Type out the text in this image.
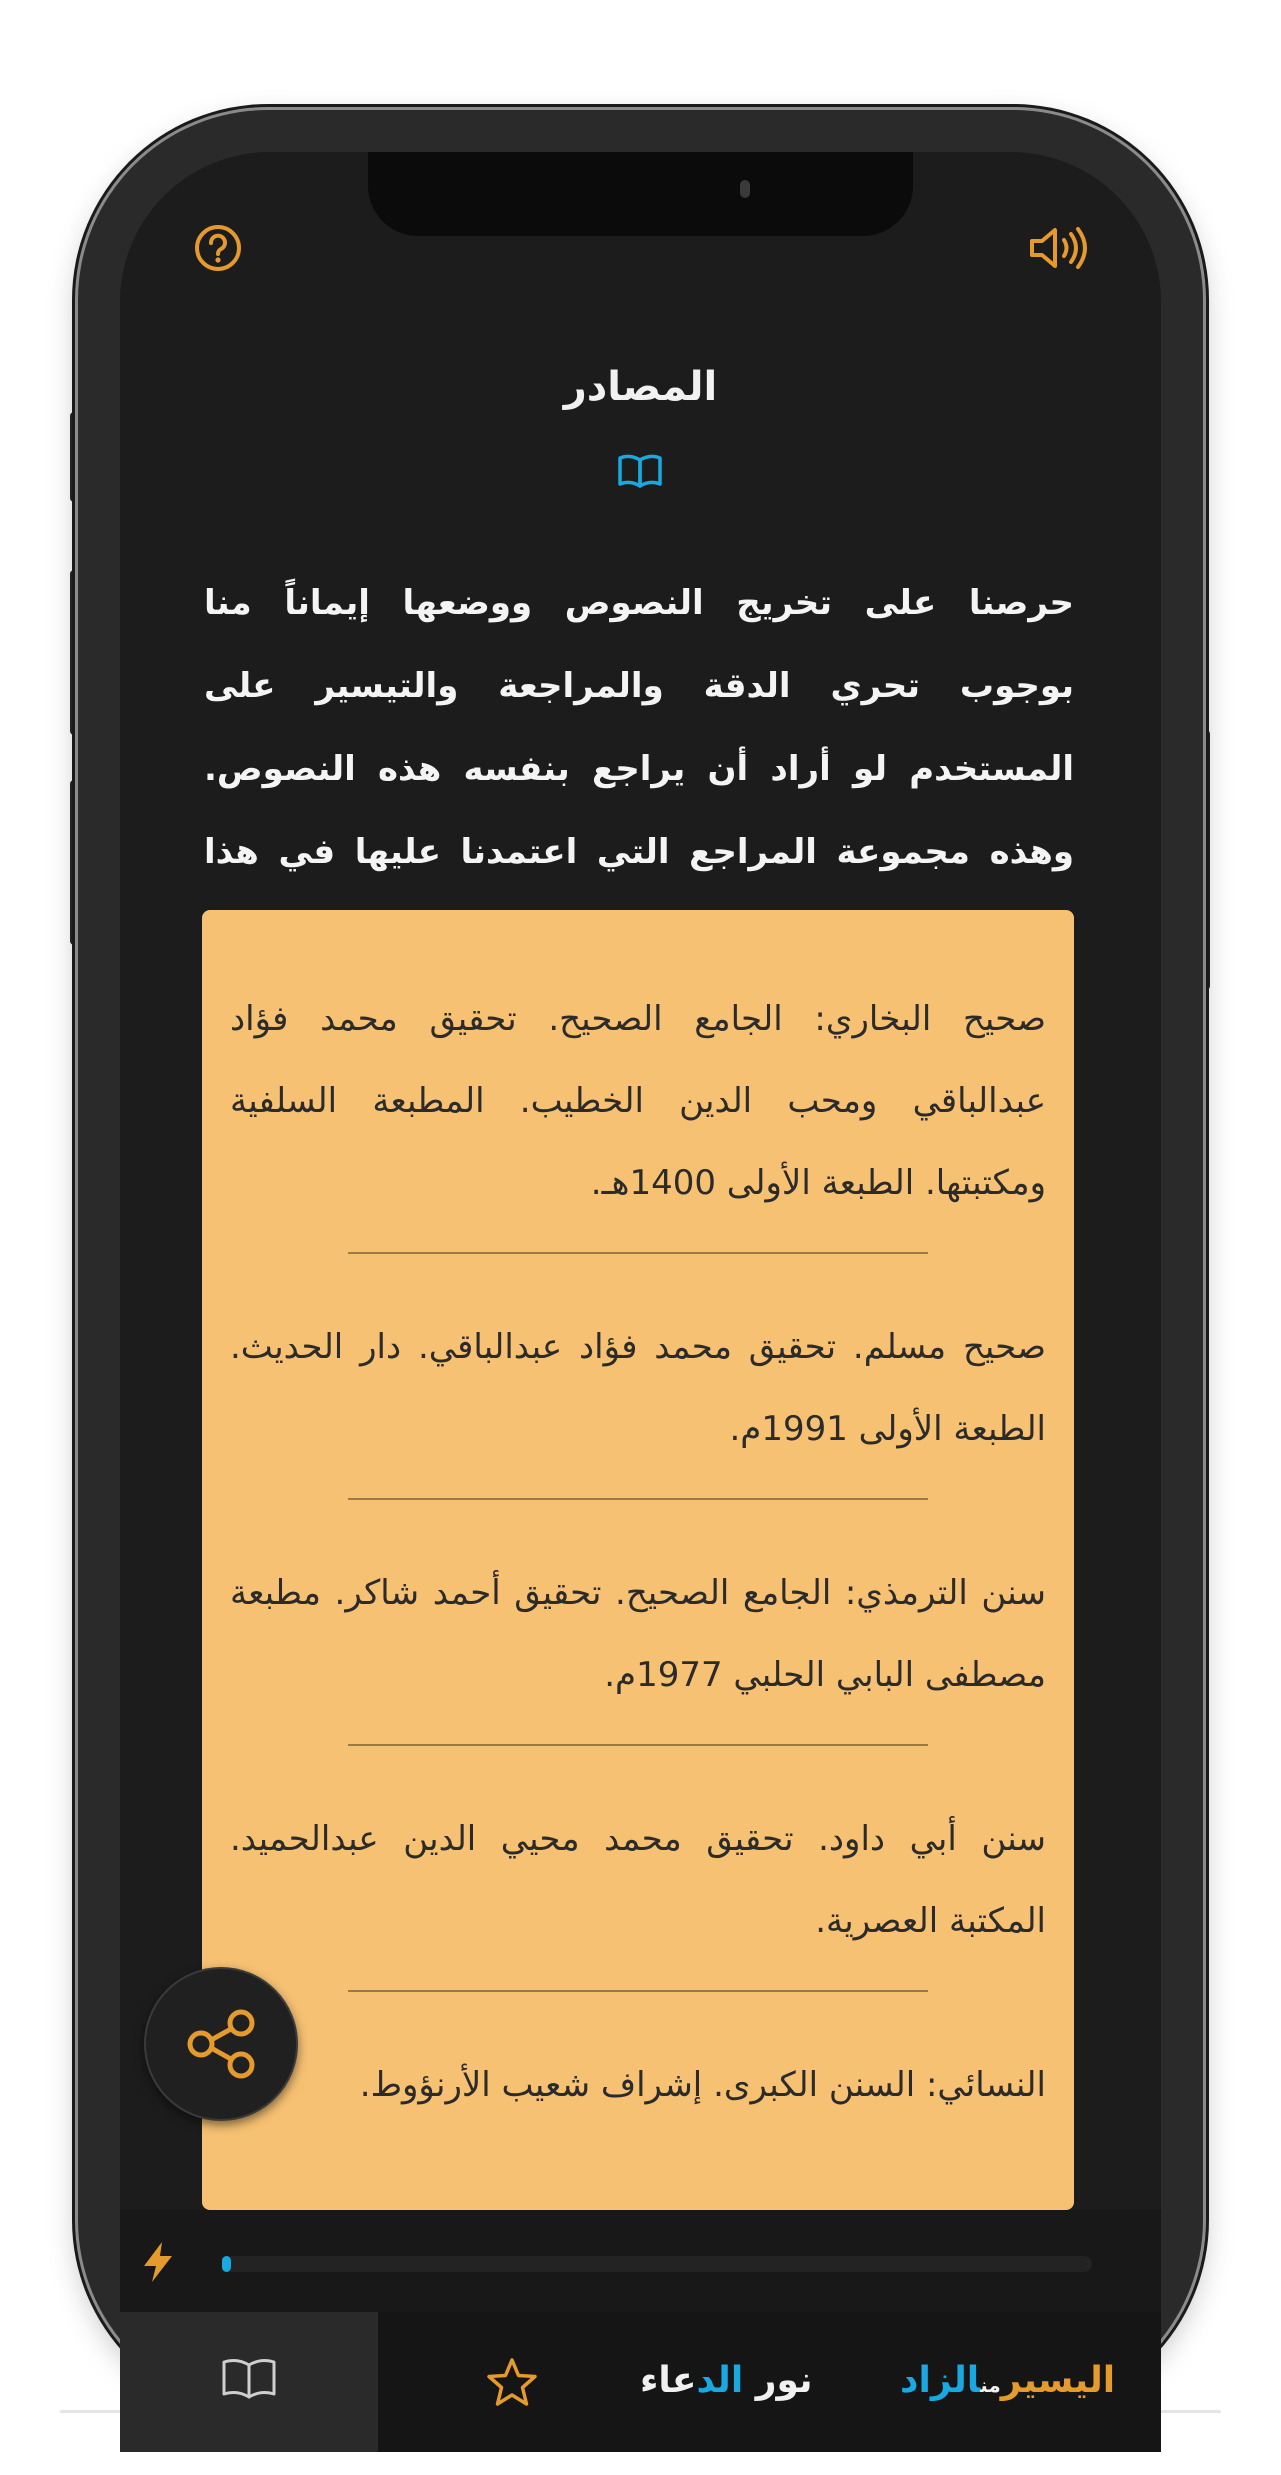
المصادر
حرصنا على تخريج النصوص ووضعها إيماناً منا بوجوب تحري الدقة والمراجعة والتيسير على المستخدم لو أراد أن يراجع بنفسه هذه النصوص. وهذه مجموعة المراجع التي اعتمدنا عليها في هذا
صحيح البخاري: الجامع الصحيح. تحقيق محمد فؤاد عبدالباقي ومحب الدين الخطيب. المطبعة السلفية ومكتبتها. الطبعة الأولى 1400هـ.
صحيح مسلم. تحقيق محمد فؤاد عبدالباقي. دار الحديث. الطبعة الأولى 1991م.
سنن الترمذي: الجامع الصحيح. تحقيق أحمد شاكر. مطبعة مصطفى البابي الحلبي 1977م.
سنن أبي داود. تحقيق محمد محيي الدين عبدالحميد. المكتبة العصرية.
النسائي: السنن الكبرى. إشراف شعيب الأرنؤوط.
نور الدعاء	اليسيرمنالزاد
